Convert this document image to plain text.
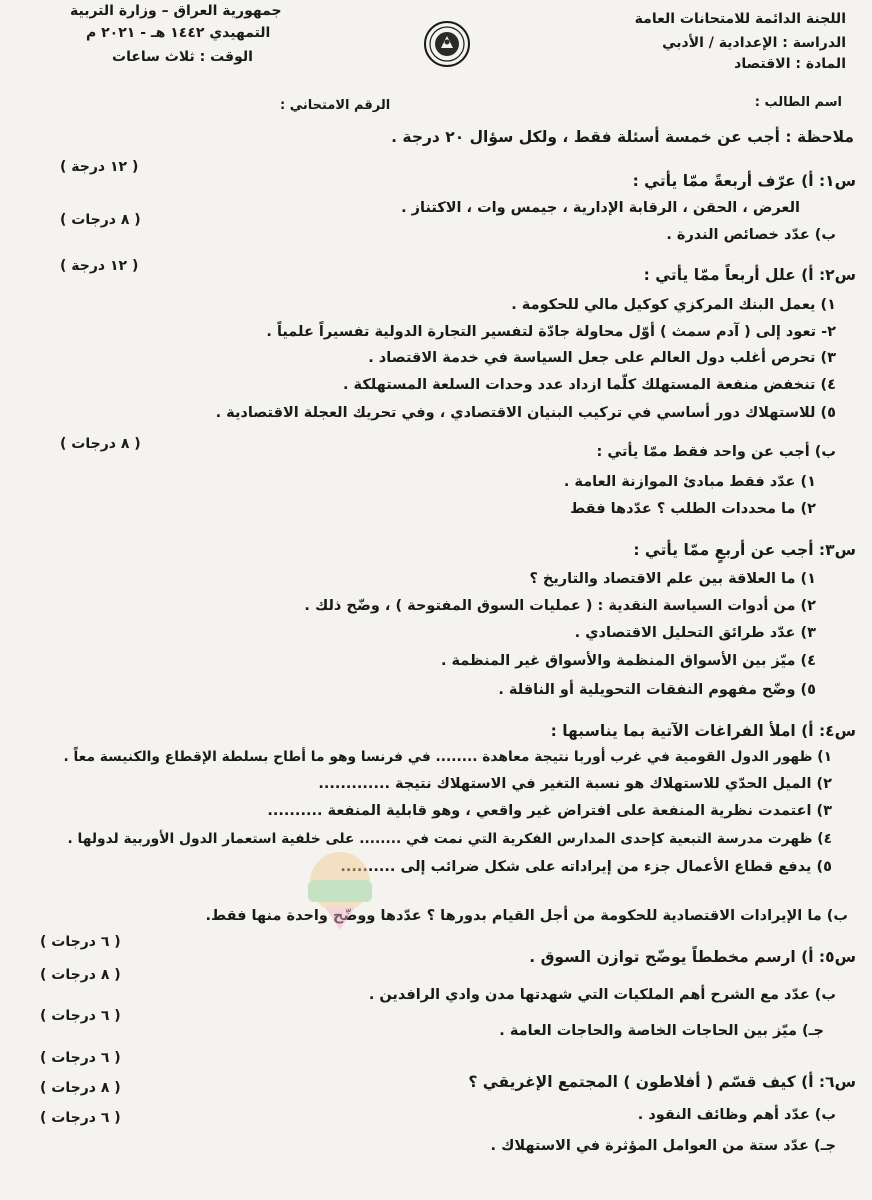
اللجنة الدائمة للامتحانات العامة
الدراسة : الإعدادية / الأدبي
المادة : الاقتصاد
جمهورية العراق – وزارة التربية
التمهيدي ١٤٤٢ هـ - ٢٠٢١ م
الوقت : ثلاث ساعات
اسم الطالب :
الرقم الامتحاني :
ملاحظة : أجب عن خمسة أسئلة فقط ، ولكل سؤال ٢٠ درجة .
س١: أ) عرّف أربعةً ممّا يأتي :
( ١٢ درجة )
العرض ، الحقن ، الرقابة الإدارية ، جيمس وات ، الاكتناز .
ب) عدّد خصائص الندرة .
( ٨ درجات )
س٢: أ) علل أربعاً ممّا يأتي :
( ١٢ درجة )
١) يعمل البنك المركزي كوكيل مالي للحكومة .
٢- تعود إلى ( آدم سمث ) أوّل محاولة جادّة لتفسير التجارة الدولية تفسيراً علمياً .
٣) تحرص أغلب دول العالم على جعل السياسة في خدمة الاقتصاد .
٤) تنخفض منفعة المستهلك كلّما ازداد عدد وحدات السلعة المستهلكة .
٥) للاستهلاك دور أساسي في تركيب البنيان الاقتصادي ، وفي تحريك العجلة الاقتصادية .
ب) أجب عن واحد فقط ممّا يأتي :
( ٨ درجات )
١) عدّد فقط مبادئ الموازنة العامة .
٢) ما محددات الطلب ؟ عدّدها فقط
س٣: أجب عن أربعٍ ممّا يأتي :
١) ما العلاقة بين علم الاقتصاد والتاريخ ؟
٢) من أدوات السياسة النقدية : ( عمليات السوق المفتوحة ) ، وضّح ذلك .
٣) عدّد طرائق التحليل الاقتصادي .
٤) ميّز بين الأسواق المنظمة والأسواق غير المنظمة .
٥) وضّح مفهوم النفقات التحويلية أو الناقلة .
س٤: أ) املأ الفراغات الآتية بما يناسبها :
١) ظهور الدول القومية في غرب أوربا نتيجة معاهدة ........ في فرنسا وهو ما أطاح بسلطة الإقطاع والكنيسة معاً .
٢) الميل الحدّي للاستهلاك هو نسبة التغير في الاستهلاك نتيجة .............
٣) اعتمدت نظرية المنفعة على افتراض غير واقعي ، وهو قابلية المنفعة ..........
٤) ظهرت مدرسة التبعية كإحدى المدارس الفكرية التي نمت في ........ على خلفية استعمار الدول الأوربية لدولها .
٥) يدفع قطاع الأعمال جزء من إيراداته على شكل ضرائب إلى ..........
ب) ما الإيرادات الاقتصادية للحكومة من أجل القيام بدورها ؟ عدّدها ووضّح واحدة منها فقط.
س٥: أ) ارسم مخططاً يوضّح توازن السوق .
( ٦ درجات )
ب) عدّد مع الشرح أهم الملكيات التي شهدتها مدن وادي الرافدين .
( ٨ درجات )
جـ) ميّز بين الحاجات الخاصة والحاجات العامة .
( ٦ درجات )
س٦: أ) كيف قسّم ( أفلاطون ) المجتمع الإغريقي ؟
( ٦ درجات )
ب) عدّد أهم وظائف النقود .
( ٨ درجات )
جـ) عدّد ستة من العوامل المؤثرة في الاستهلاك .
( ٦ درجات )
